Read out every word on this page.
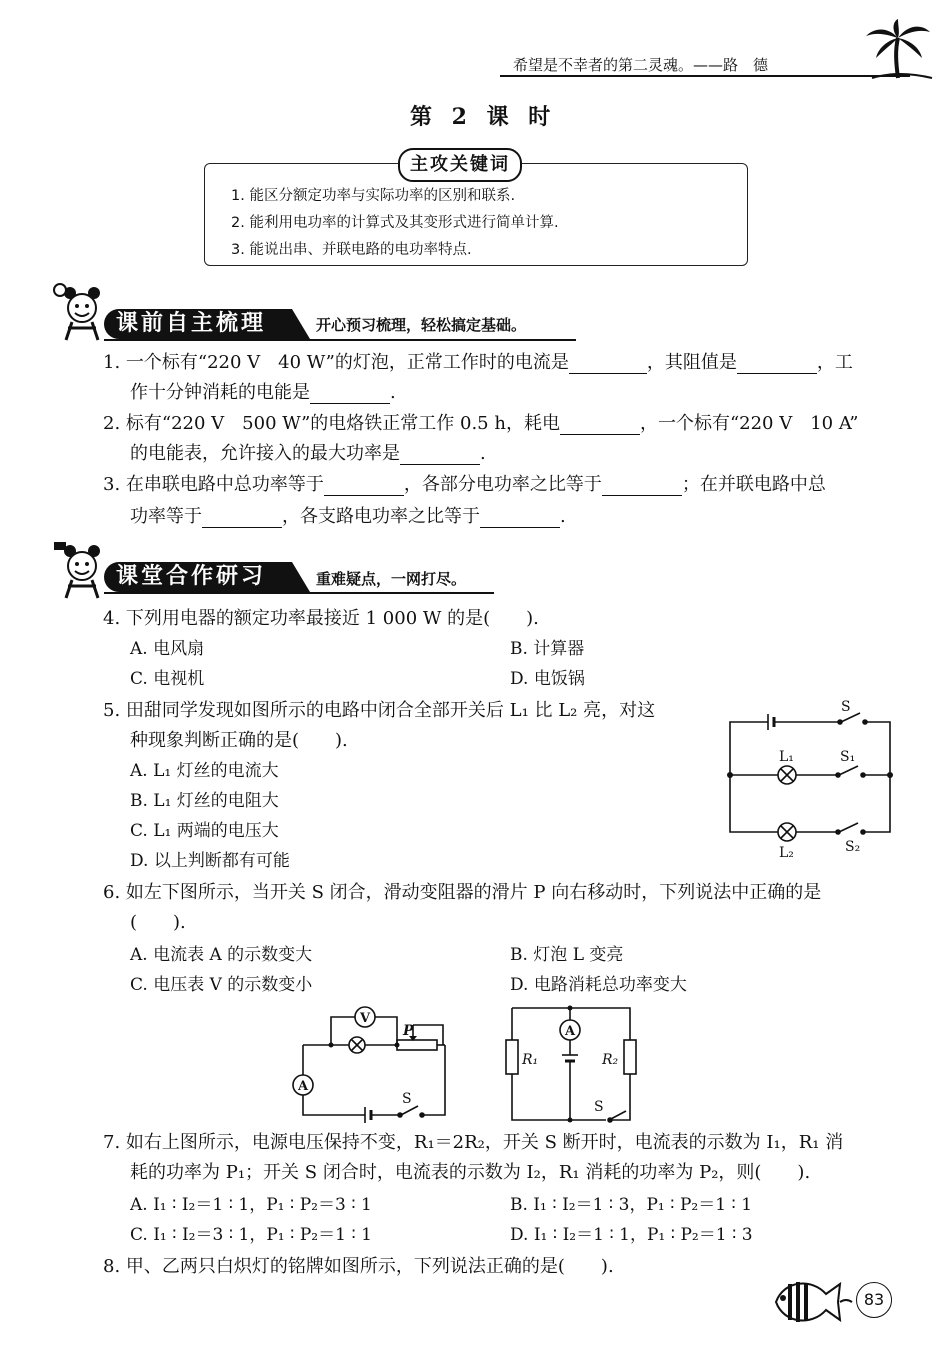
希望是不幸者的第二灵魂。——路　德
第 2 课 时
1. 能区分额定功率与实际功率的区别和联系.
2. 能利用电功率的计算式及其变形式进行简单计算.
3. 能说出串、并联电路的电功率特点.
主攻关键词
课前自主梳理	开心预习梳理，轻松搞定基础。
1. 一个标有“220 V　40 W”的灯泡，正常工作时的电流是	，其阻值是	，工
作十分钟消耗的电能是	.
2. 标有“220 V　500 W”的电烙铁正常工作 0.5 h，耗电	，一个标有“220 V　10 A”
的电能表，允许接入的最大功率是	.
3. 在串联电路中总功率等于	，各部分电功率之比等于	；在并联电路中总
功率等于	，各支路电功率之比等于	.
课堂合作研习	重难疑点，一网打尽。
4. 下列用电器的额定功率最接近 1 000 W 的是(　　).
A. 电风扇	B. 计算器
C. 电视机	D. 电饭锅
5. 田甜同学发现如图所示的电路中闭合全部开关后 L₁ 比 L₂ 亮，对这
种现象判断正确的是(　　).
A. L₁ 灯丝的电流大
B. L₁ 灯丝的电阻大
C. L₁ 两端的电压大
D. 以上判断都有可能
S
L₁	S₁
L₂	S₂
6. 如左下图所示，当开关 S 闭合，滑动变阻器的滑片 P 向右移动时，下列说法中正确的是
(　　).
A. 电流表 A 的示数变大	B. 灯泡 L 变亮
C. 电压表 V 的示数变小	D. 电路消耗总功率变大
V
A
P
S
A
R₁	R₂
S
7. 如右上图所示，电源电压保持不变，R₁＝2R₂，开关 S 断开时，电流表的示数为 I₁，R₁ 消
耗的功率为 P₁；开关 S 闭合时，电流表的示数为 I₂，R₁ 消耗的功率为 P₂，则(　　).
A. I₁ ∶ I₂＝1 ∶ 1，P₁ ∶ P₂＝3 ∶ 1	B. I₁ ∶ I₂＝1 ∶ 3，P₁ ∶ P₂＝1 ∶ 1
C. I₁ ∶ I₂＝3 ∶ 1，P₁ ∶ P₂＝1 ∶ 1	D. I₁ ∶ I₂＝1 ∶ 1，P₁ ∶ P₂＝1 ∶ 3
8. 甲、乙两只白炽灯的铭牌如图所示，下列说法正确的是(　　).
83
